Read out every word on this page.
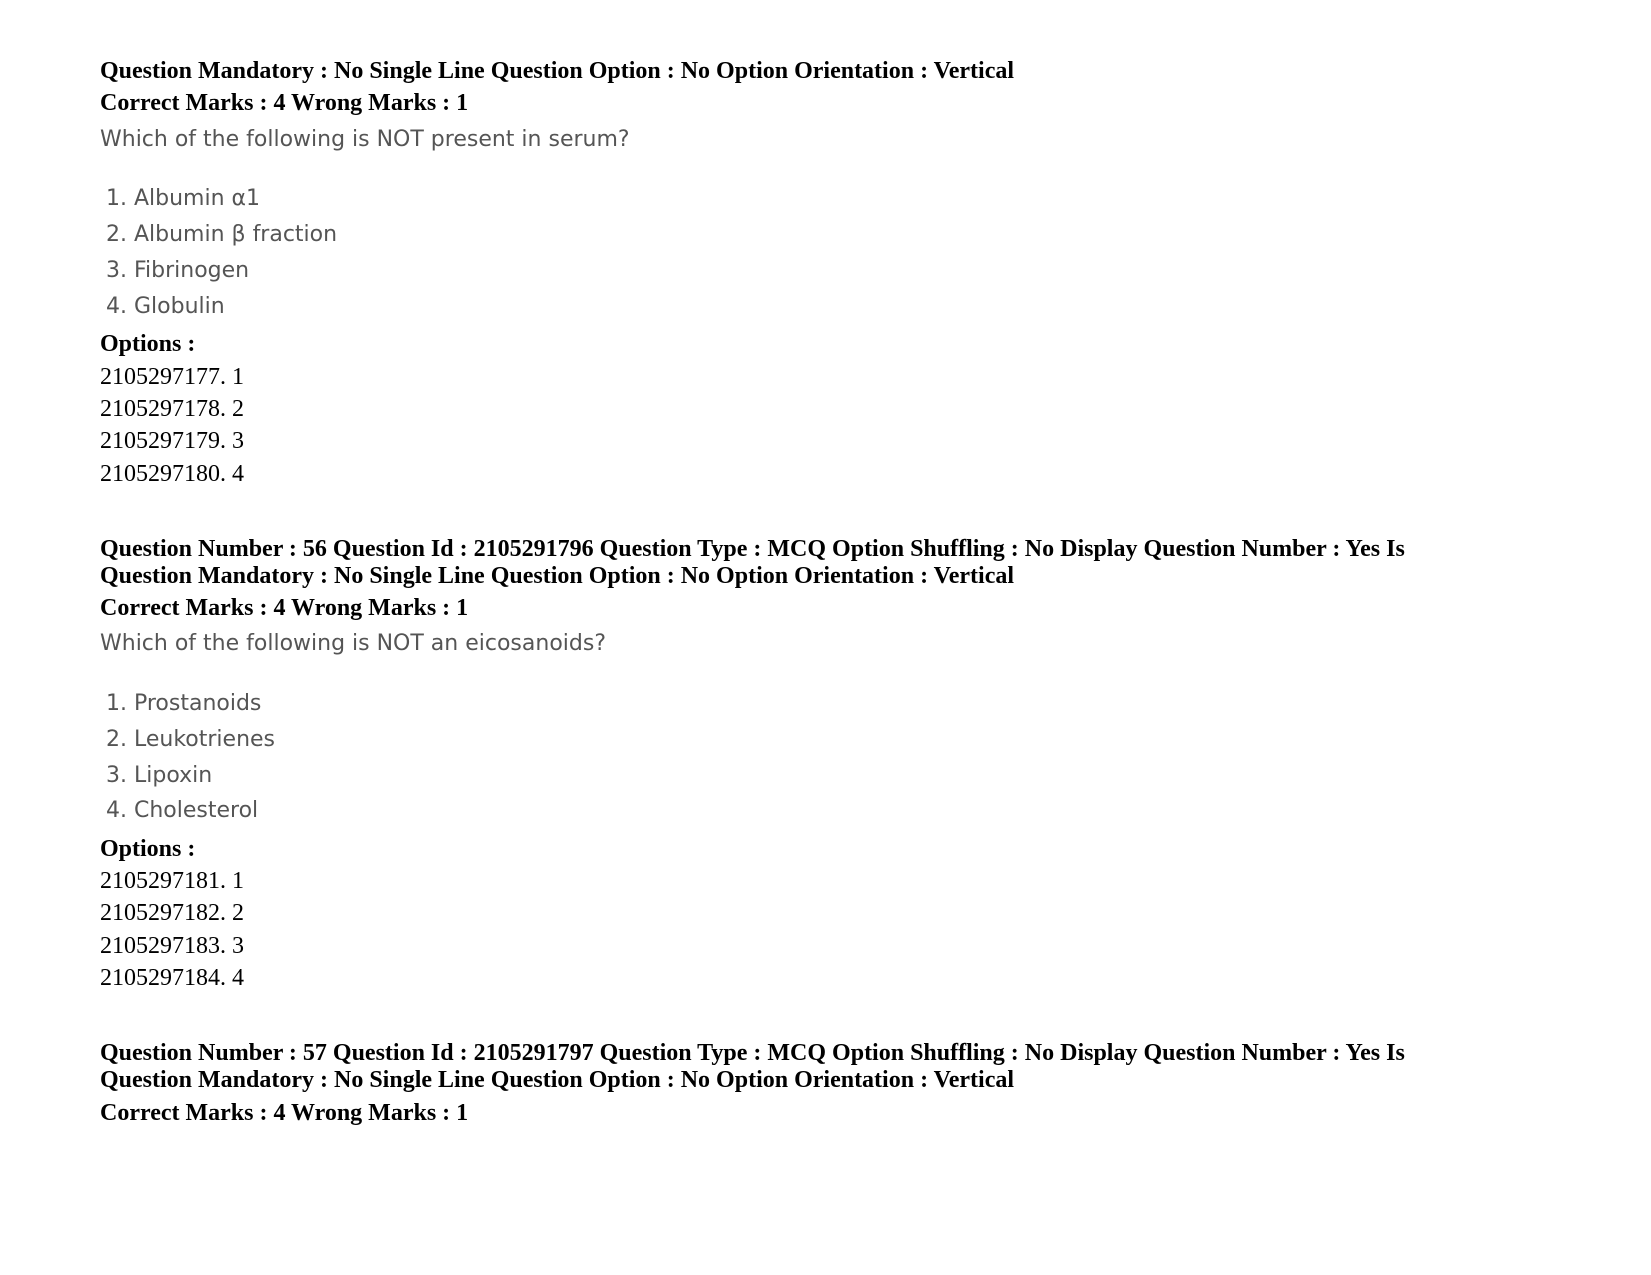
Question Mandatory : No Single Line Question Option : No Option Orientation : Vertical
Correct Marks : 4 Wrong Marks : 1
Which of the following is NOT present in serum?
1. Albumin α1
2. Albumin β fraction
3. Fibrinogen
4. Globulin
Options :
2105297177. 1
2105297178. 2
2105297179. 3
2105297180. 4
Question Number : 56 Question Id : 2105291796 Question Type : MCQ Option Shuffling : No Display Question Number : Yes Is
Question Mandatory : No Single Line Question Option : No Option Orientation : Vertical
Correct Marks : 4 Wrong Marks : 1
Which of the following is NOT an eicosanoids?
1. Prostanoids
2. Leukotrienes
3. Lipoxin
4. Cholesterol
Options :
2105297181. 1
2105297182. 2
2105297183. 3
2105297184. 4
Question Number : 57 Question Id : 2105291797 Question Type : MCQ Option Shuffling : No Display Question Number : Yes Is
Question Mandatory : No Single Line Question Option : No Option Orientation : Vertical
Correct Marks : 4 Wrong Marks : 1
